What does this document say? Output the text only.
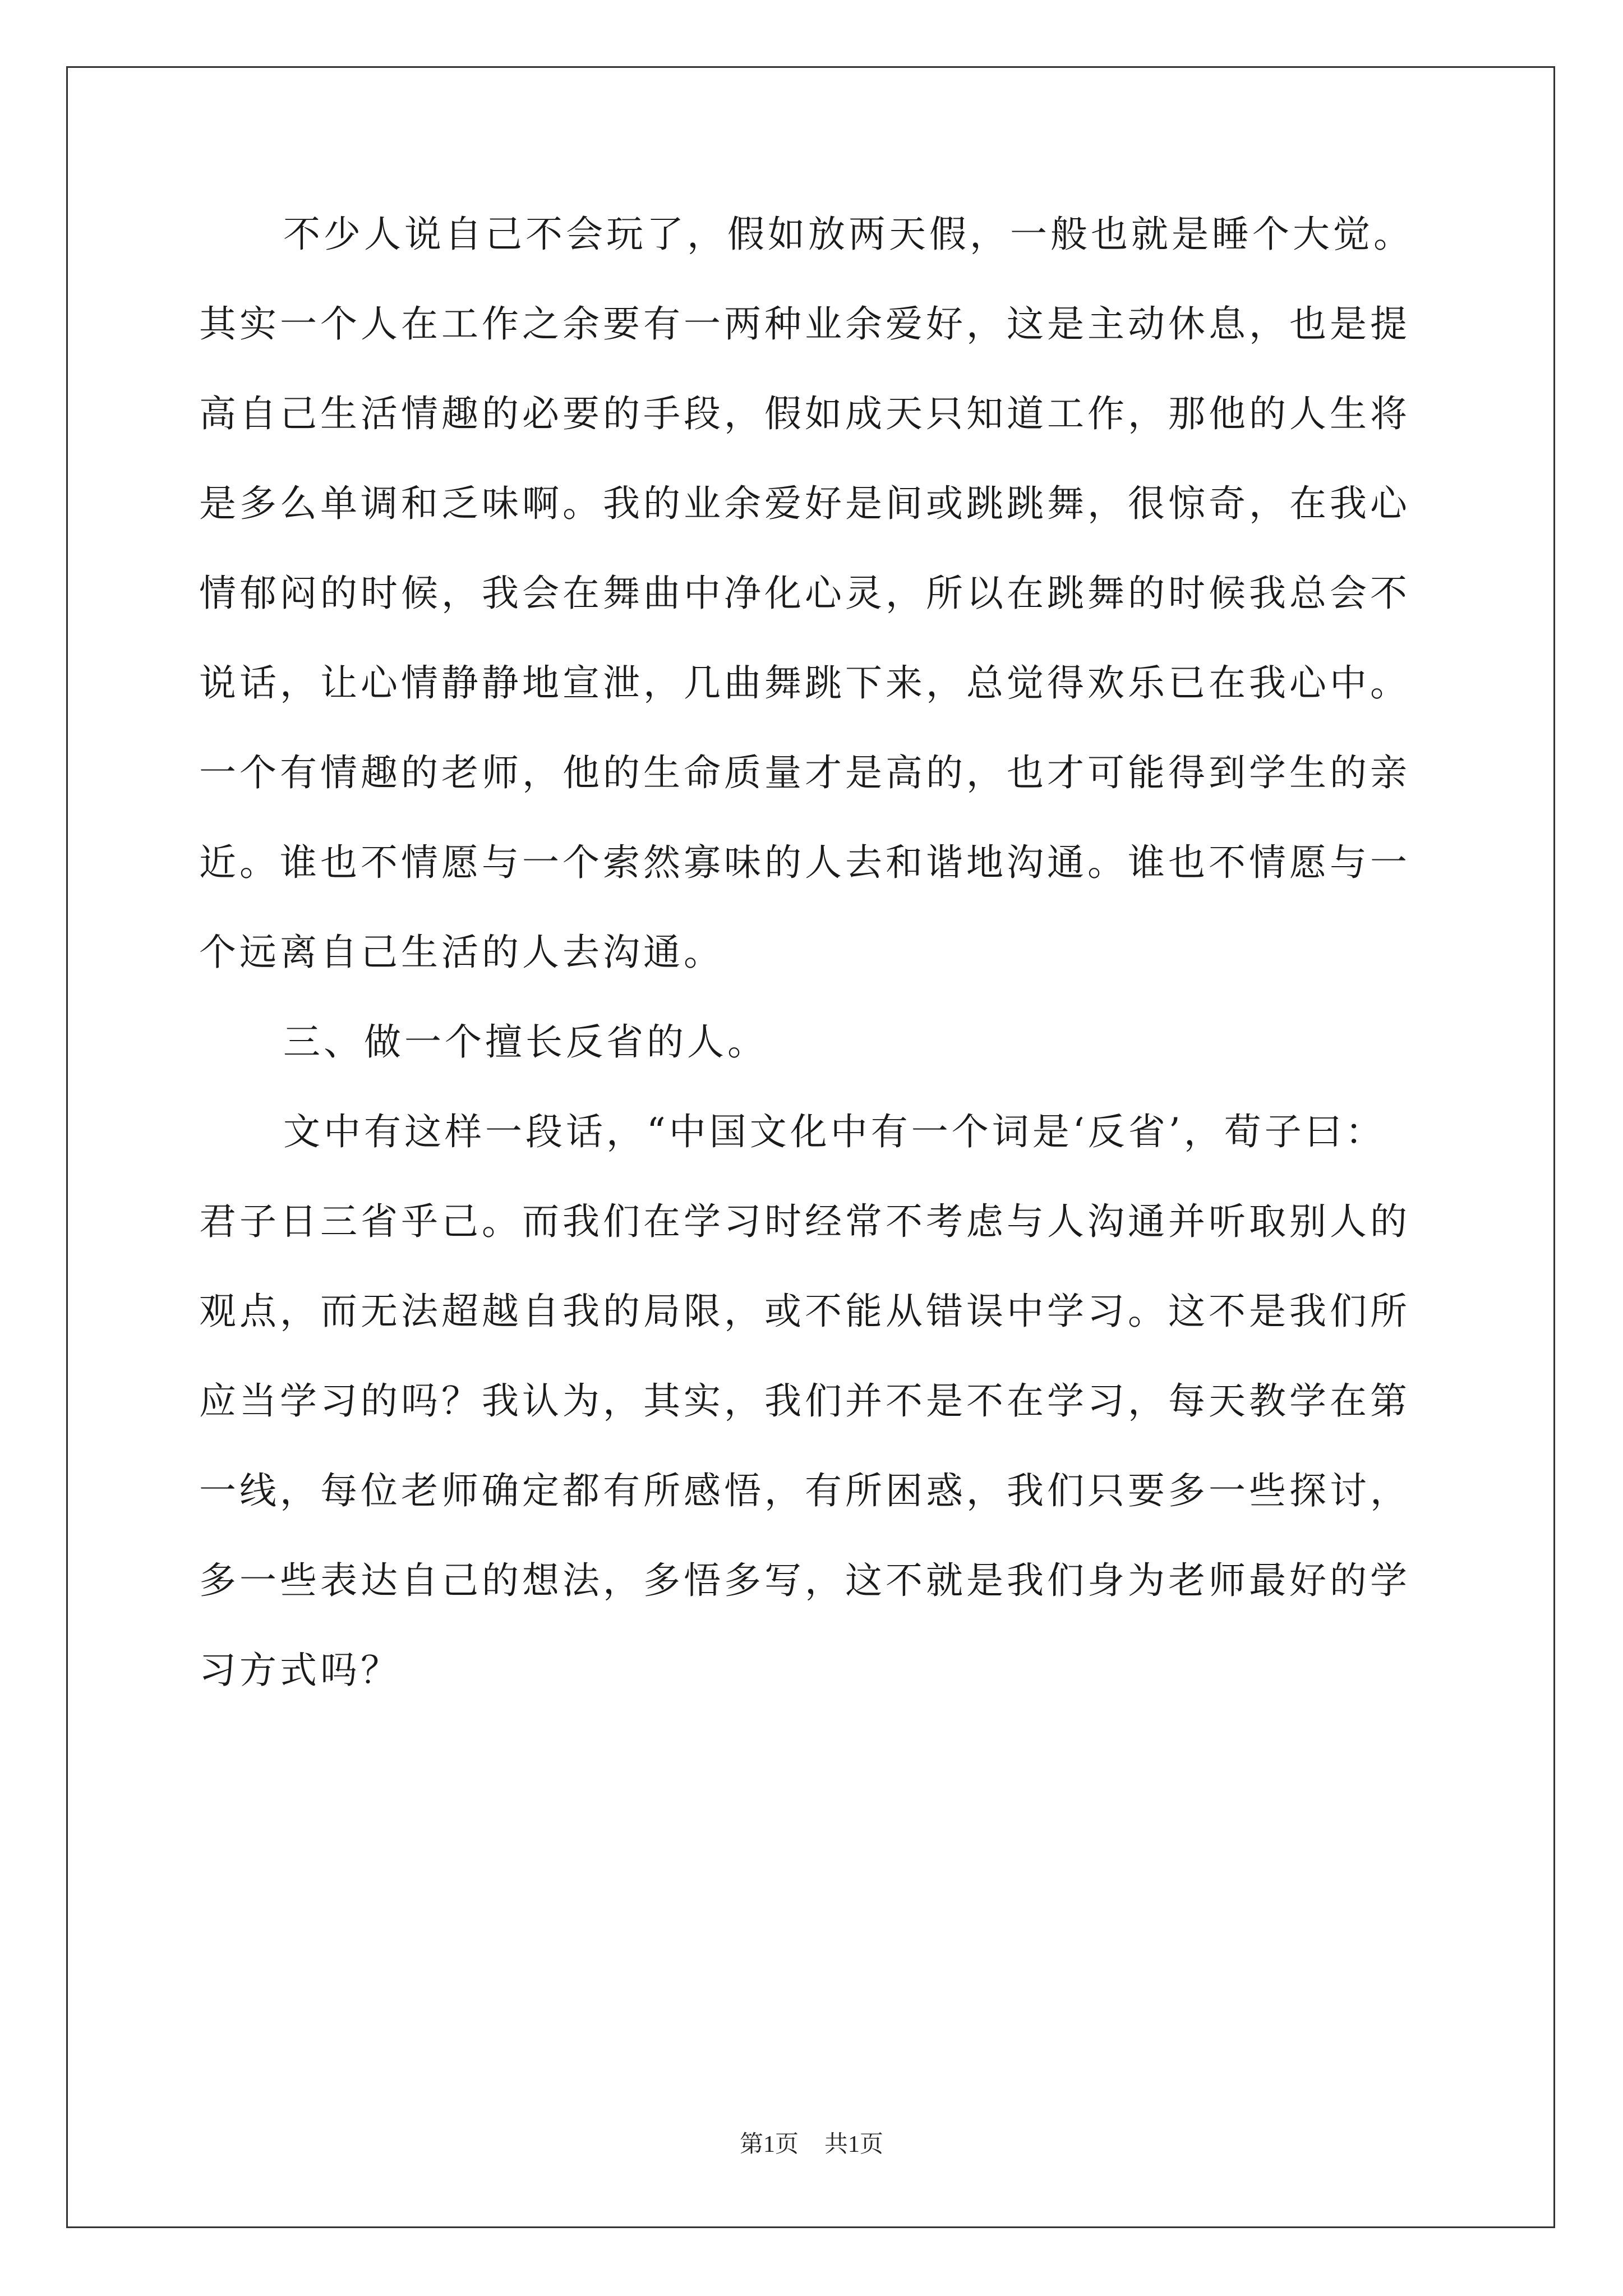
不少人说自己不会玩了，假如放两天假，一般也就是睡个大觉。
其实一个人在工作之余要有一两种业余爱好，这是主动休息，也是提
高自己生活情趣的必要的手段，假如成天只知道工作，那他的人生将
是多么单调和乏味啊。我的业余爱好是间或跳跳舞，很惊奇，在我心
情郁闷的时候，我会在舞曲中净化心灵，所以在跳舞的时候我总会不
说话，让心情静静地宣泄，几曲舞跳下来，总觉得欢乐已在我心中。
一个有情趣的老师，他的生命质量才是高的，也才可能得到学生的亲
近。谁也不情愿与一个索然寡味的人去和谐地沟通。谁也不情愿与一
个远离自己生活的人去沟通。
三、做一个擅长反省的人。
文中有这样一段话，“中国文化中有一个词是‘反省’，荀子曰：
君子日三省乎己。而我们在学习时经常不考虑与人沟通并听取别人的
观点，而无法超越自我的局限，或不能从错误中学习。这不是我们所
应当学习的吗？我认为，其实，我们并不是不在学习，每天教学在第
一线，每位老师确定都有所感悟，有所困惑，我们只要多一些探讨，
多一些表达自己的想法，多悟多写，这不就是我们身为老师最好的学
习方式吗？
第1页 共1页
